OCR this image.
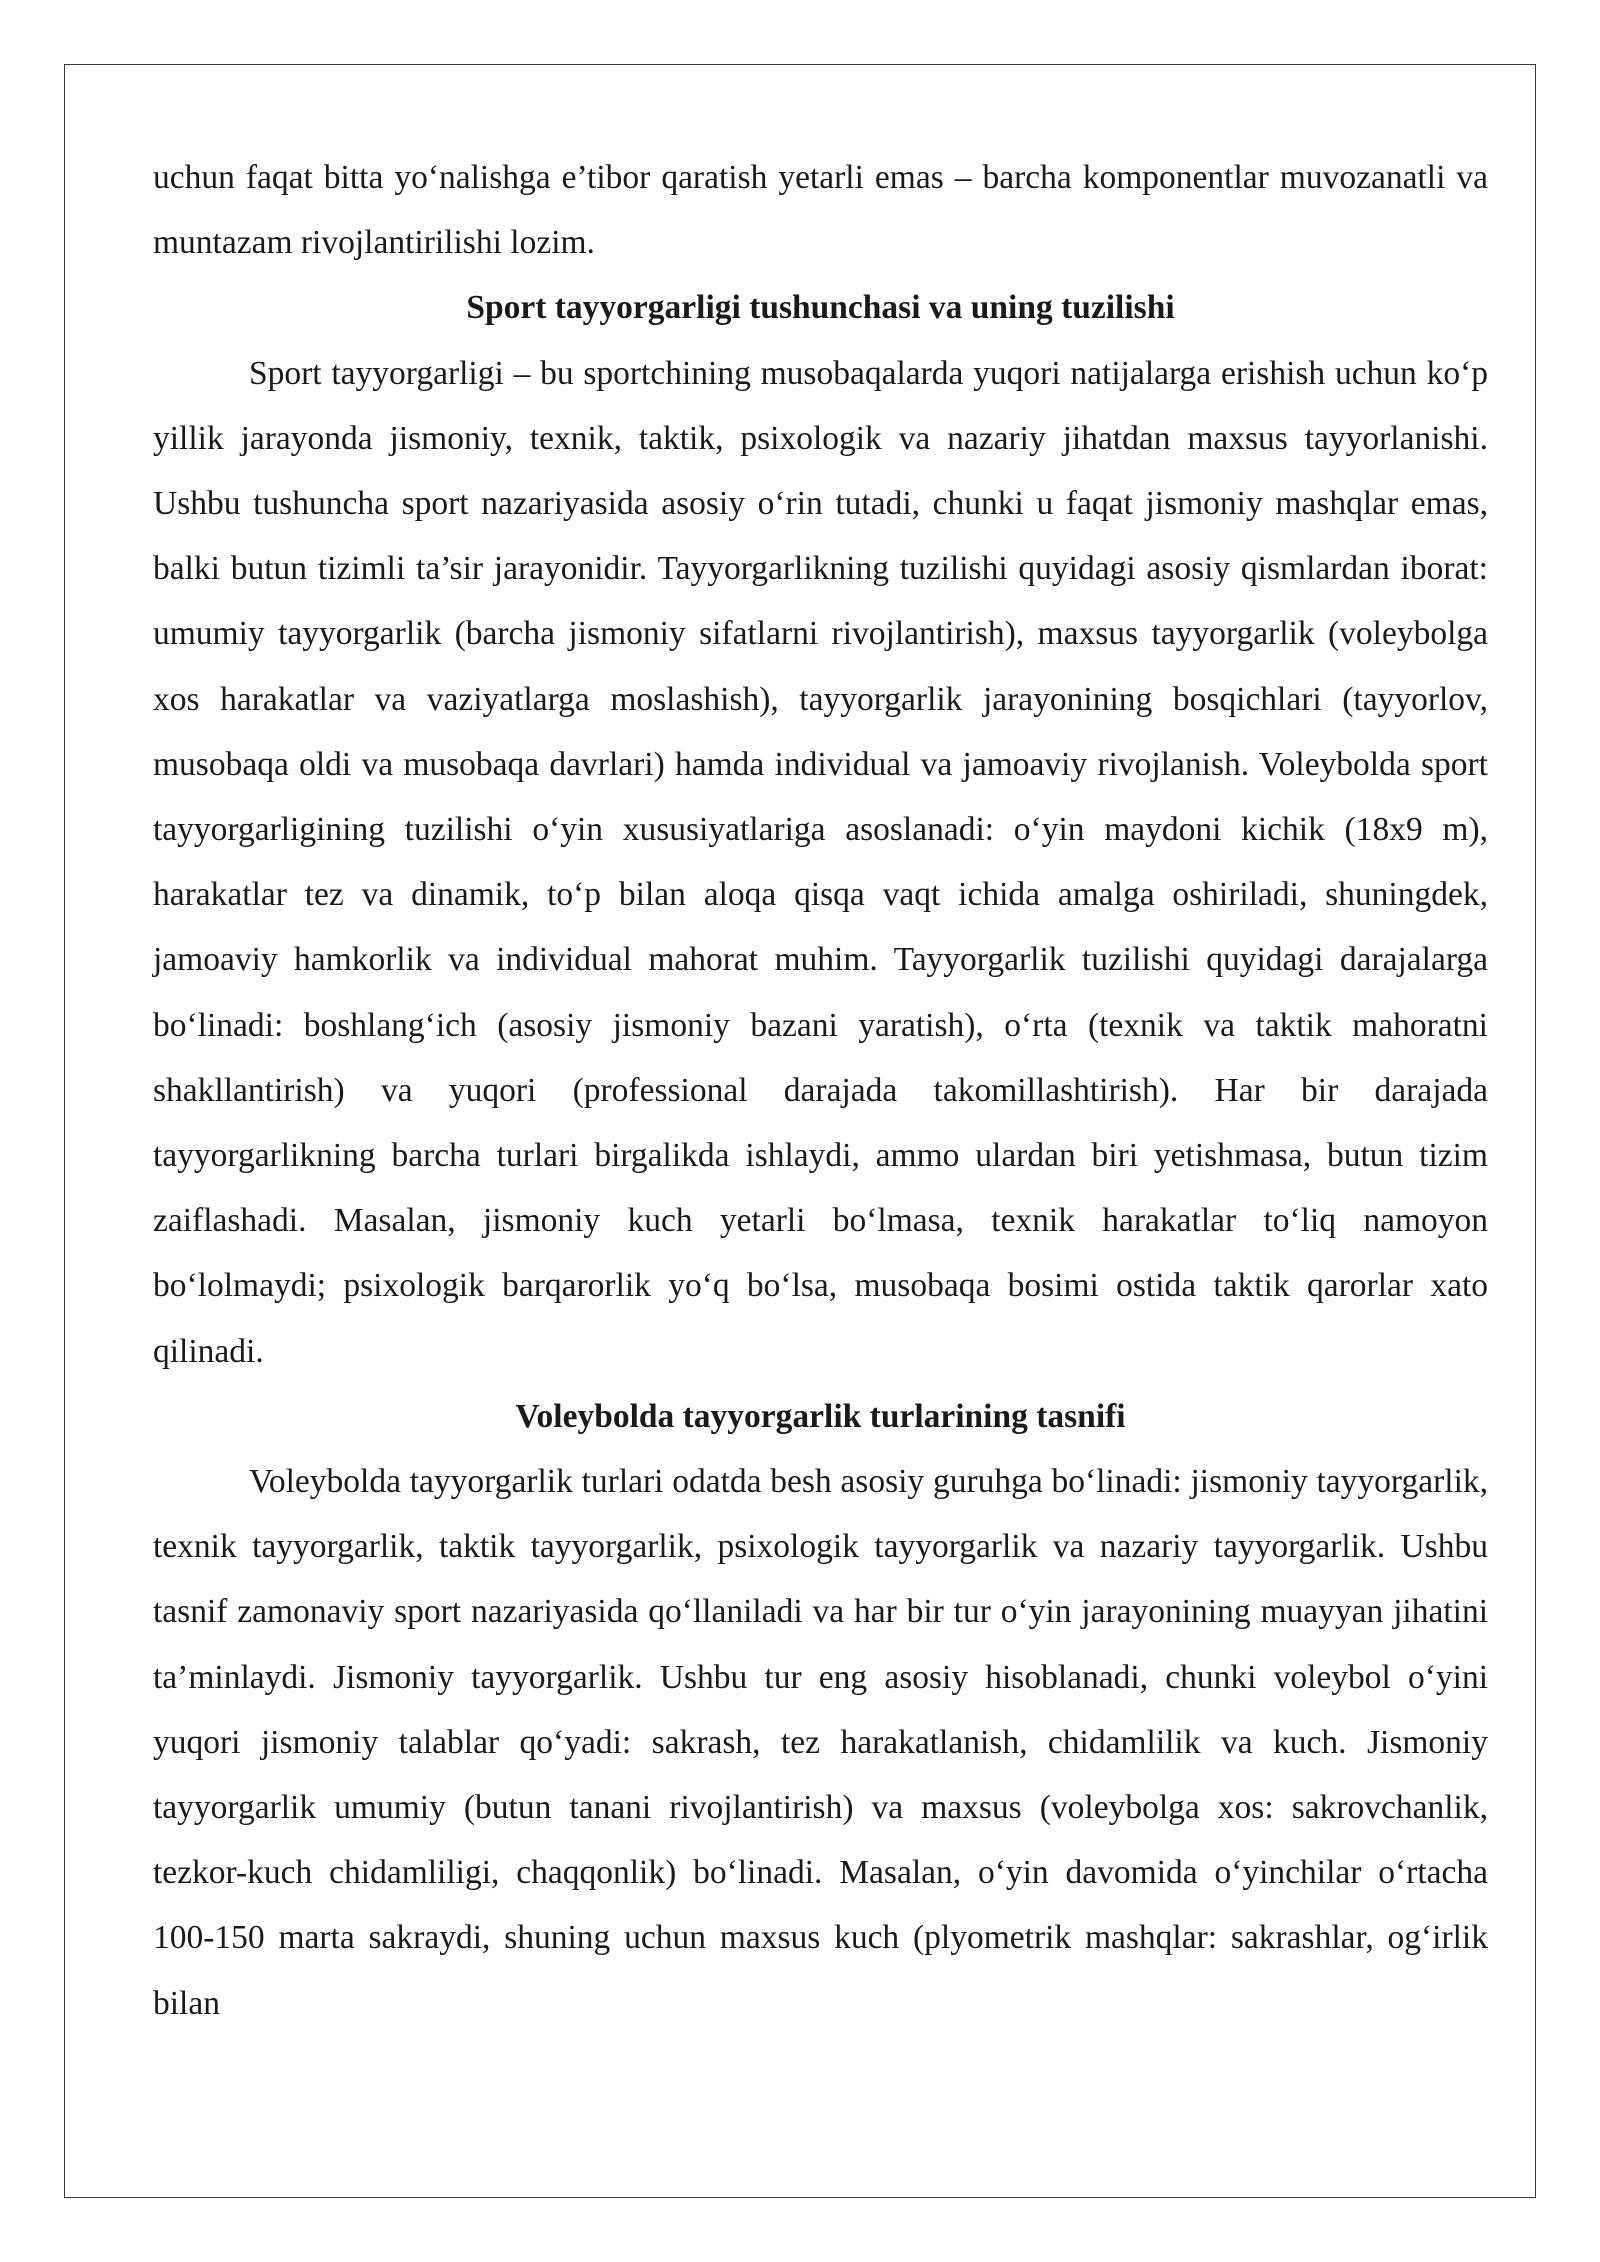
uchun faqat bitta yo‘nalishga e’tibor qaratish yetarli emas – barcha komponentlar muvozanatli va muntazam rivojlantirilishi lozim.

Sport tayyorgarligi tushunchasi va uning tuzilishi

Sport tayyorgarligi – bu sportchining musobaqalarda yuqori natijalarga erishish uchun ko‘p yillik jarayonda jismoniy, texnik, taktik, psixologik va nazariy jihatdan maxsus tayyorlanishi. Ushbu tushuncha sport nazariyasida asosiy o‘rin tutadi, chunki u faqat jismoniy mashqlar emas, balki butun tizimli ta’sir jarayonidir. Tayyorgarlikning tuzilishi quyidagi asosiy qismlardan iborat: umumiy tayyorgarlik (barcha jismoniy sifatlarni rivojlantirish), maxsus tayyorgarlik (voleybolga xos harakatlar va vaziyatlarga moslashish), tayyorgarlik jarayonining bosqichlari (tayyorlov, musobaqa oldi va musobaqa davrlari) hamda individual va jamoaviy rivojlanish. Voleybolda sport tayyorgarligining tuzilishi o‘yin xususiyatlariga asoslanadi: o‘yin maydoni kichik (18x9 m), harakatlar tez va dinamik, to‘p bilan aloqa qisqa vaqt ichida amalga oshiriladi, shuningdek, jamoaviy hamkorlik va individual mahorat muhim. Tayyorgarlik tuzilishi quyidagi darajalarga bo‘linadi: boshlang‘ich (asosiy jismoniy bazani yaratish), o‘rta (texnik va taktik mahoratni shakllantirish) va yuqori (professional darajada takomillashtirish). Har bir darajada tayyorgarlikning barcha turlari birgalikda ishlaydi, ammo ulardan biri yetishmasa, butun tizim zaiflashadi. Masalan, jismoniy kuch yetarli bo‘lmasa, texnik harakatlar to‘liq namoyon bo‘lolmaydi; psixologik barqarorlik yo‘q bo‘lsa, musobaqa bosimi ostida taktik qarorlar xato qilinadi.

Voleybolda tayyorgarlik turlarining tasnifi

Voleybolda tayyorgarlik turlari odatda besh asosiy guruhga bo‘linadi: jismoniy tayyorgarlik, texnik tayyorgarlik, taktik tayyorgarlik, psixologik tayyorgarlik va nazariy tayyorgarlik. Ushbu tasnif zamonaviy sport nazariyasida qo‘llaniladi va har bir tur o‘yin jarayonining muayyan jihatini ta’minlaydi. Jismoniy tayyorgarlik. Ushbu tur eng asosiy hisoblanadi, chunki voleybol o‘yini yuqori jismoniy talablar qo‘yadi: sakrash, tez harakatlanish, chidamlilik va kuch. Jismoniy tayyorgarlik umumiy (butun tanani rivojlantirish) va maxsus (voleybolga xos: sakrovchanlik, tezkor-kuch chidamliligi, chaqqonlik) bo‘linadi. Masalan, o‘yin davomida o‘yinchilar o‘rtacha 100-150 marta sakraydi, shuning uchun maxsus kuch (plyometrik mashqlar: sakrashlar, og‘irlik bilan
